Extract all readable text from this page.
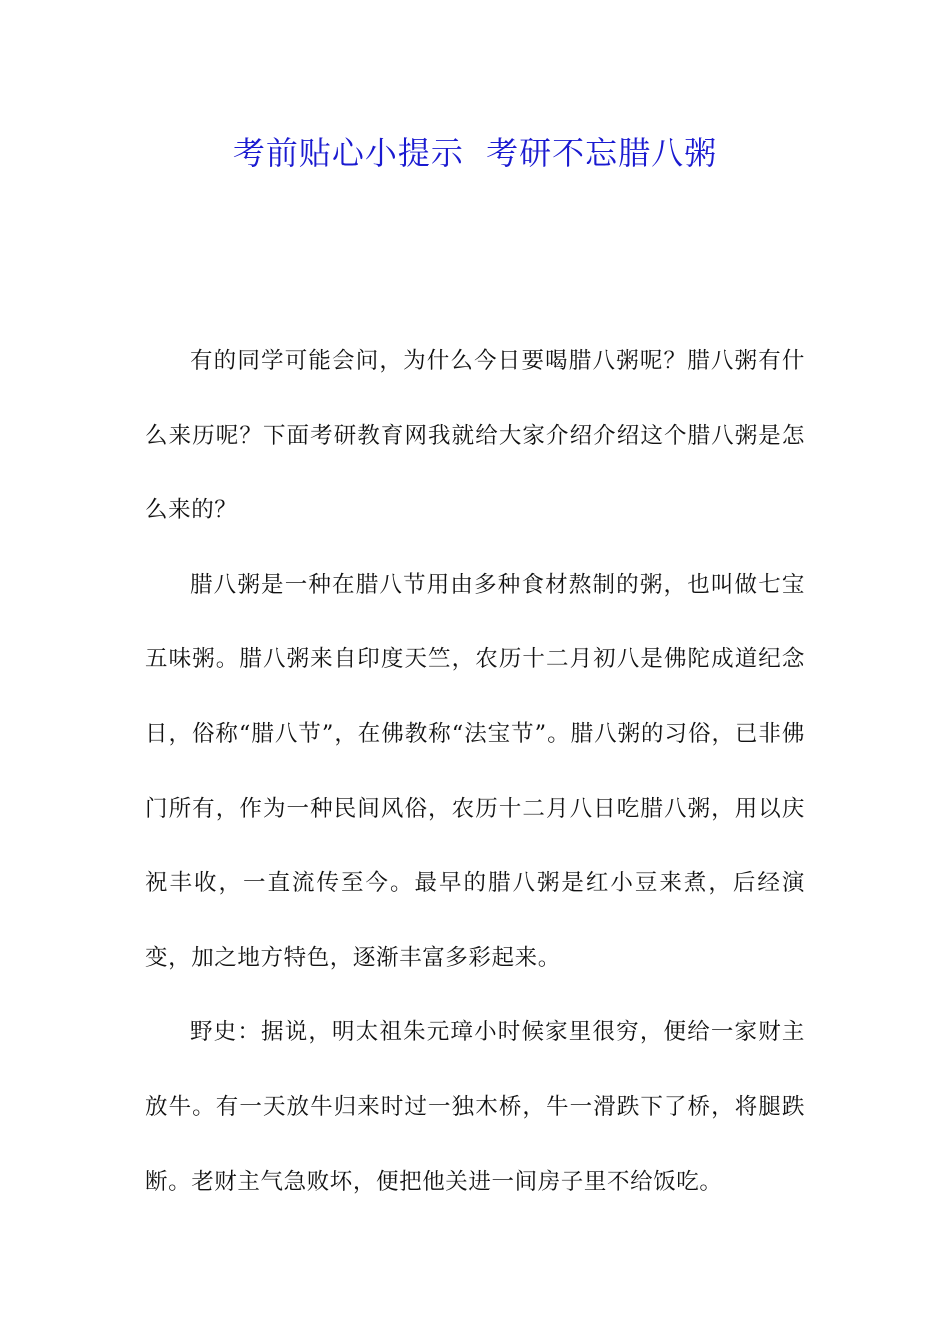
考前贴心小提示  考研不忘腊八粥

有的同学可能会问，为什么今日要喝腊八粥呢？腊八粥有什么来历呢？下面考研教育网我就给大家介绍介绍这个腊八粥是怎么来的？

腊八粥是一种在腊八节用由多种食材熬制的粥，也叫做七宝五味粥。腊八粥来自印度天竺，农历十二月初八是佛陀成道纪念日，俗称“腊八节”，在佛教称“法宝节”。腊八粥的习俗，已非佛门所有，作为一种民间风俗，农历十二月八日吃腊八粥，用以庆祝丰收，一直流传至今。最早的腊八粥是红小豆来煮，后经演变，加之地方特色，逐渐丰富多彩起来。

野史：据说，明太祖朱元璋小时候家里很穷，便给一家财主放牛。有一天放牛归来时过一独木桥，牛一滑跌下了桥，将腿跌断。老财主气急败坏，便把他关进一间房子里不给饭吃。
